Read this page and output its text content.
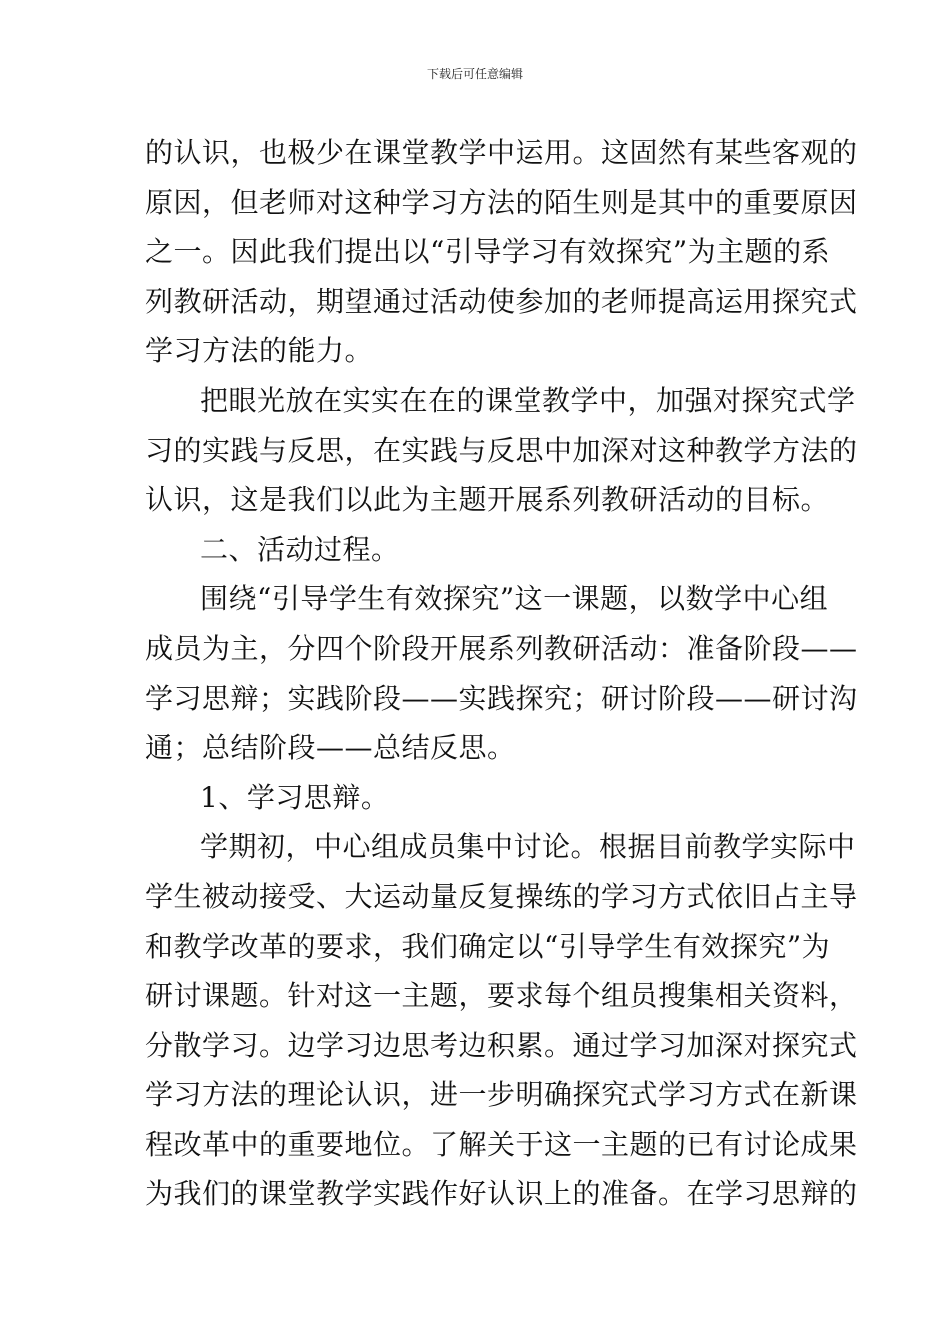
下载后可任意编辑
的认识，也极少在课堂教学中运用。这固然有某些客观的
原因，但老师对这种学习方法的陌生则是其中的重要原因
之一。因此我们提出以“引导学习有效探究”为主题的系
列教研活动，期望通过活动使参加的老师提高运用探究式
学习方法的能力。
把眼光放在实实在在的课堂教学中，加强对探究式学
习的实践与反思，在实践与反思中加深对这种教学方法的
认识，这是我们以此为主题开展系列教研活动的目标。
二、活动过程。
围绕“引导学生有效探究”这一课题，以数学中心组
成员为主，分四个阶段开展系列教研活动：准备阶段——
学习思辩；实践阶段——实践探究；研讨阶段——研讨沟
通；总结阶段——总结反思。
1、学习思辩。
学期初，中心组成员集中讨论。根据目前教学实际中
学生被动接受、大运动量反复操练的学习方式依旧占主导
和教学改革的要求，我们确定以“引导学生有效探究”为
研讨课题。针对这一主题，要求每个组员搜集相关资料，
分散学习。边学习边思考边积累。通过学习加深对探究式
学习方法的理论认识，进一步明确探究式学习方式在新课
程改革中的重要地位。了解关于这一主题的已有讨论成果
为我们的课堂教学实践作好认识上的准备。在学习思辩的
